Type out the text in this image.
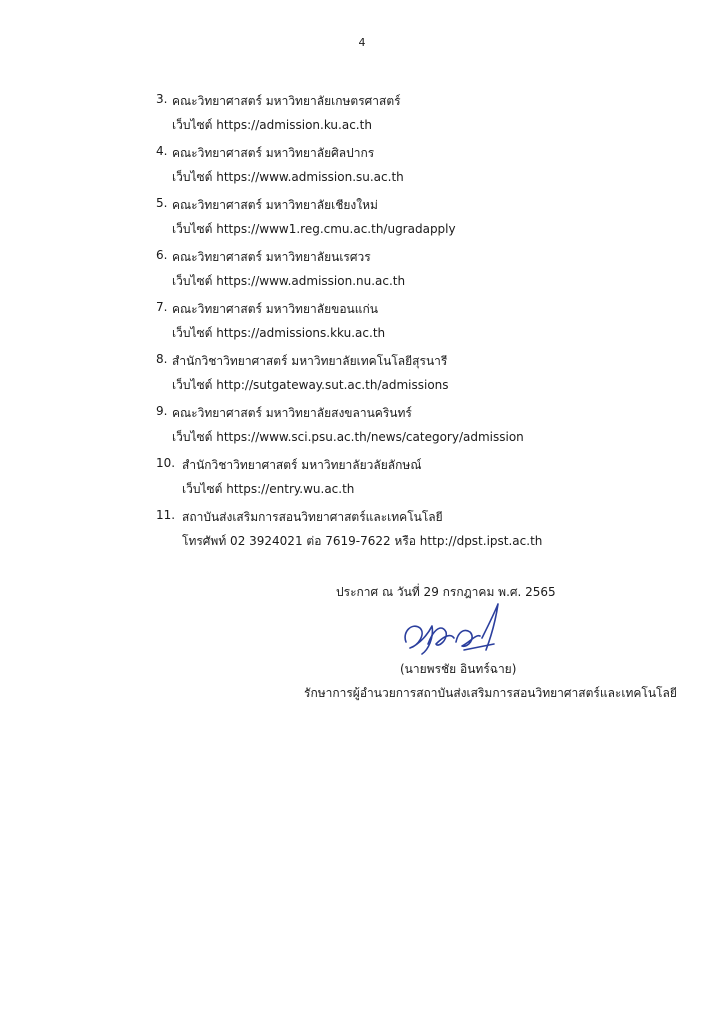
4
3. คณะวิทยาศาสตร์ มหาวิทยาลัยเกษตรศาสตร์
เว็บไซต์ https://admission.ku.ac.th
4. คณะวิทยาศาสตร์ มหาวิทยาลัยศิลปากร
เว็บไซต์ https://www.admission.su.ac.th
5. คณะวิทยาศาสตร์ มหาวิทยาลัยเชียงใหม่
เว็บไซต์ https://www1.reg.cmu.ac.th/ugradapply
6. คณะวิทยาศาสตร์ มหาวิทยาลัยนเรศวร
เว็บไซต์ https://www.admission.nu.ac.th
7. คณะวิทยาศาสตร์ มหาวิทยาลัยขอนแก่น
เว็บไซต์ https://admissions.kku.ac.th
8. สำนักวิชาวิทยาศาสตร์ มหาวิทยาลัยเทคโนโลยีสุรนารี
เว็บไซต์ http://sutgateway.sut.ac.th/admissions
9. คณะวิทยาศาสตร์ มหาวิทยาลัยสงขลานครินทร์
เว็บไซต์ https://www.sci.psu.ac.th/news/category/admission
10. สำนักวิชาวิทยาศาสตร์ มหาวิทยาลัยวลัยลักษณ์
เว็บไซต์ https://entry.wu.ac.th
11. สถาบันส่งเสริมการสอนวิทยาศาสตร์และเทคโนโลยี
โทรศัพท์ 02 3924021 ต่อ 7619-7622 หรือ http://dpst.ipst.ac.th
ประกาศ ณ วันที่ 29 กรกฎาคม พ.ศ. 2565
(นายพรชัย อินทร์ฉาย)
รักษาการผู้อำนวยการสถาบันส่งเสริมการสอนวิทยาศาสตร์และเทคโนโลยี
